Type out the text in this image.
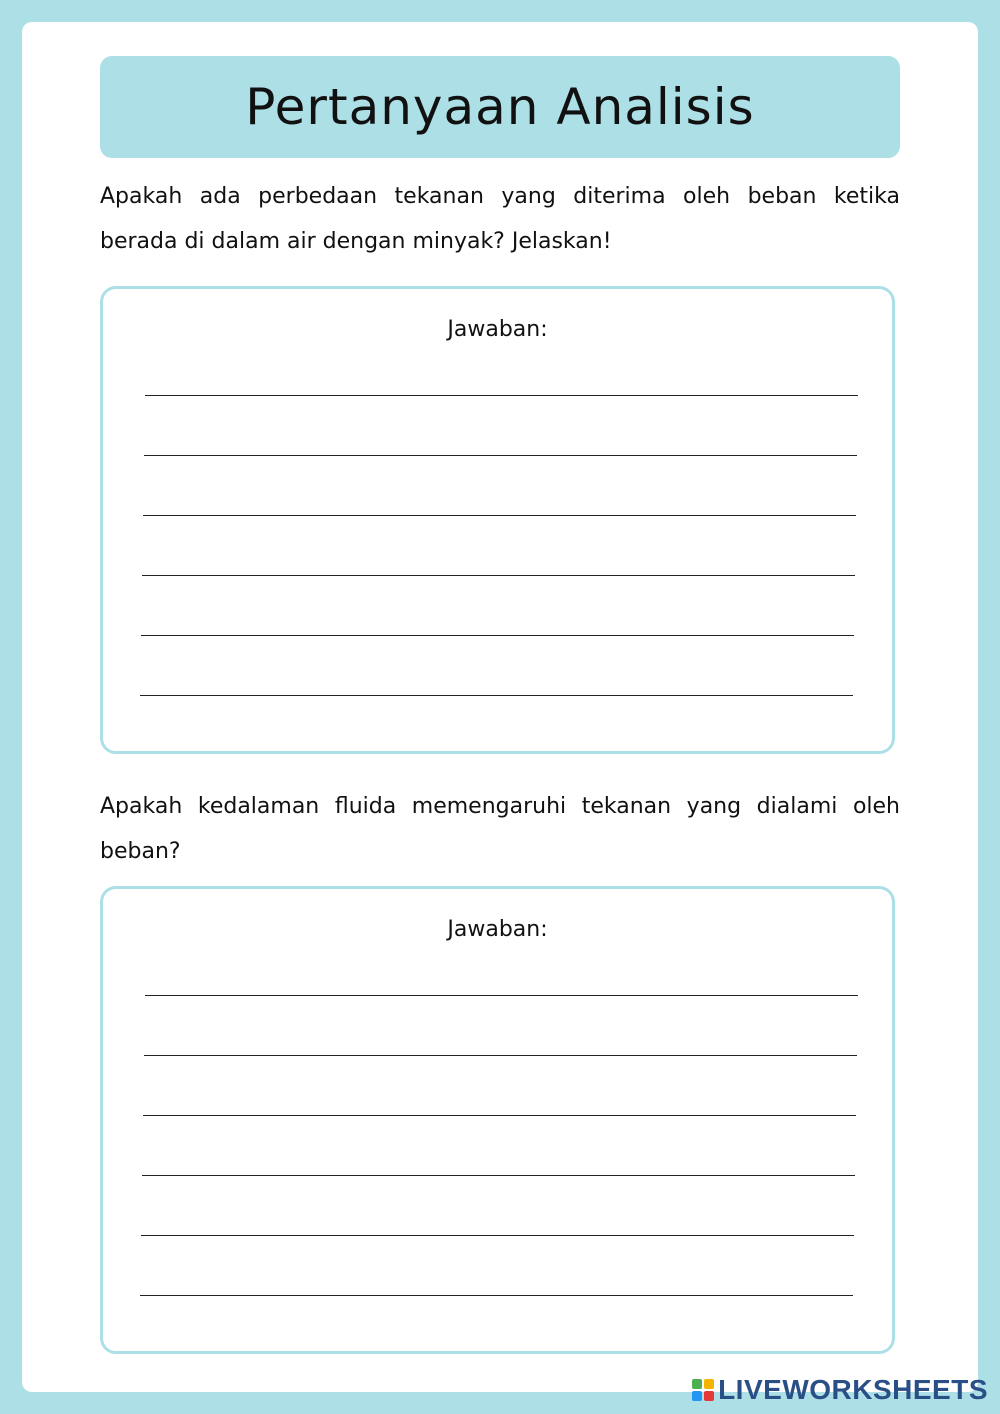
Pertanyaan Analisis
Apakah ada perbedaan tekanan yang diterima oleh beban ketika berada di dalam air dengan minyak? Jelaskan!
Jawaban:
Apakah kedalaman fluida memengaruhi tekanan yang dialami oleh beban?
Jawaban:
LIVEWORKSHEETS
